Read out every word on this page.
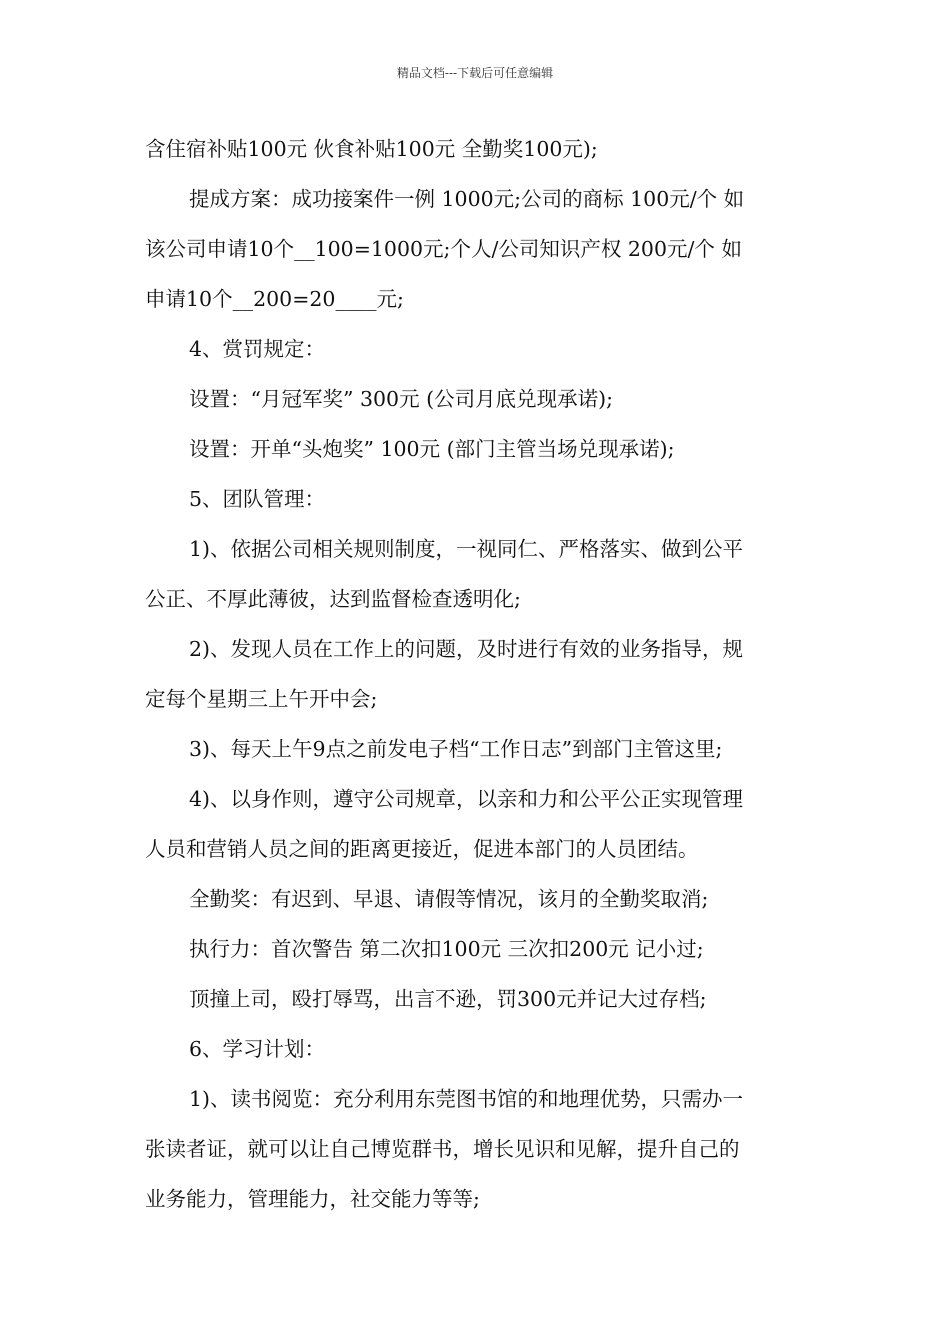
精品文档---下载后可任意编辑
含住宿补贴100元 伙食补贴100元 全勤奖100元);
提成方案：成功接案件一例 1000元;公司的商标 100元/个 如
该公司申请10个__100=1000元;个人/公司知识产权 200元/个 如
申请10个__200=20____元;
4、赏罚规定：
设置：“月冠军奖” 300元 (公司月底兑现承诺);
设置：开单“头炮奖” 100元 (部门主管当场兑现承诺);
5、团队管理：
1)、依据公司相关规则制度，一视同仁、严格落实、做到公平
公正、不厚此薄彼，达到监督检查透明化;
2)、发现人员在工作上的问题，及时进行有效的业务指导，规
定每个星期三上午开中会;
3)、每天上午9点之前发电子档“工作日志”到部门主管这里;
4)、以身作则，遵守公司规章，以亲和力和公平公正实现管理
人员和营销人员之间的距离更接近，促进本部门的人员团结。
全勤奖：有迟到、早退、请假等情况，该月的全勤奖取消;
执行力：首次警告 第二次扣100元 三次扣200元 记小过;
顶撞上司，殴打辱骂，出言不逊，罚300元并记大过存档;
6、学习计划：
1)、读书阅览：充分利用东莞图书馆的和地理优势，只需办一
张读者证，就可以让自己博览群书，增长见识和见解，提升自己的
业务能力，管理能力，社交能力等等;
